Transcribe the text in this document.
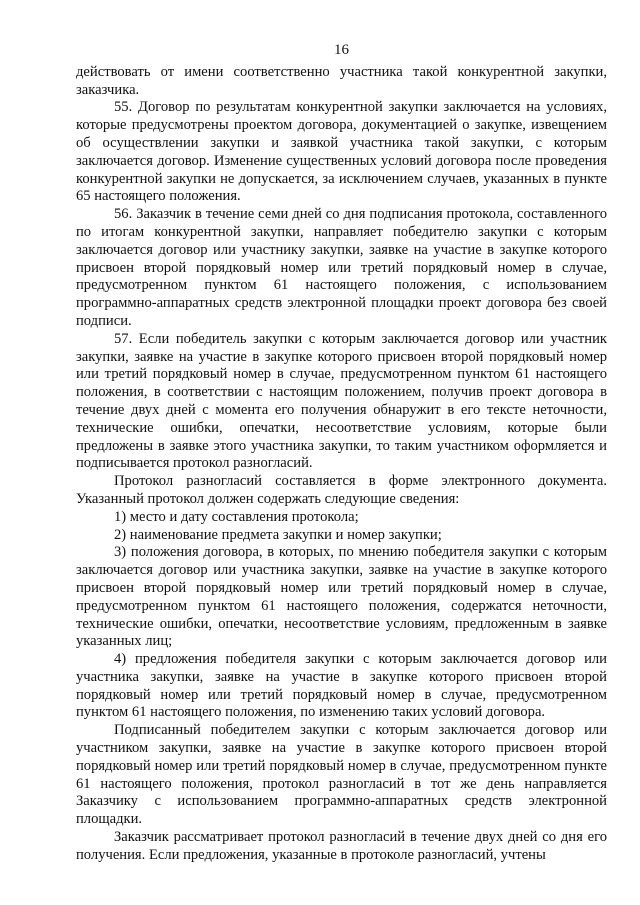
16

действовать от имени соответственно участника такой конкурентной закупки, заказчика.

55. Договор по результатам конкурентной закупки заключается на условиях, которые предусмотрены проектом договора, документацией о закупке, извещением об осуществлении закупки и заявкой участника такой закупки, с которым заключается договор. Изменение существенных условий договора после проведения конкурентной закупки не допускается, за исключением случаев, указанных в пункте 65 настоящего положения.

56. Заказчик в течение семи дней со дня подписания протокола, составленного по итогам конкурентной закупки, направляет победителю закупки с которым заключается договор или участнику закупки, заявке на участие в закупке которого присвоен второй порядковый номер или третий порядковый номер в случае, предусмотренном пунктом 61 настоящего положения, с использованием программно-аппаратных средств электронной площадки проект договора без своей подписи.

57. Если победитель закупки с которым заключается договор или участник закупки, заявке на участие в закупке которого присвоен второй порядковый номер или третий порядковый номер в случае, предусмотренном пунктом 61 настоящего положения, в соответствии с настоящим положением, получив проект договора в течение двух дней с момента его получения обнаружит в его тексте неточности, технические ошибки, опечатки, несоответствие условиям, которые были предложены в заявке этого участника закупки, то таким участником оформляется и подписывается протокол разногласий.

Протокол разногласий составляется в форме электронного документа. Указанный протокол должен содержать следующие сведения:

1) место и дату составления протокола;

2) наименование предмета закупки и номер закупки;

3) положения договора, в которых, по мнению победителя закупки с которым заключается договор или участника закупки, заявке на участие в закупке которого присвоен второй порядковый номер или третий порядковый номер в случае, предусмотренном пунктом 61 настоящего положения, содержатся неточности, технические ошибки, опечатки, несоответствие условиям, предложенным в заявке указанных лиц;

4) предложения победителя закупки с которым заключается договор или участника закупки, заявке на участие в закупке которого присвоен второй порядковый номер или третий порядковый номер в случае, предусмотренном пунктом 61 настоящего положения, по изменению таких условий договора.

Подписанный победителем закупки с которым заключается договор или участником закупки, заявке на участие в закупке которого присвоен второй порядковый номер или третий порядковый номер в случае, предусмотренном пункте 61 настоящего положения, протокол разногласий в тот же день направляется Заказчику с использованием программно-аппаратных средств электронной площадки.

Заказчик рассматривает протокол разногласий в течение двух дней со дня его получения. Если предложения, указанные в протоколе разногласий, учтены
